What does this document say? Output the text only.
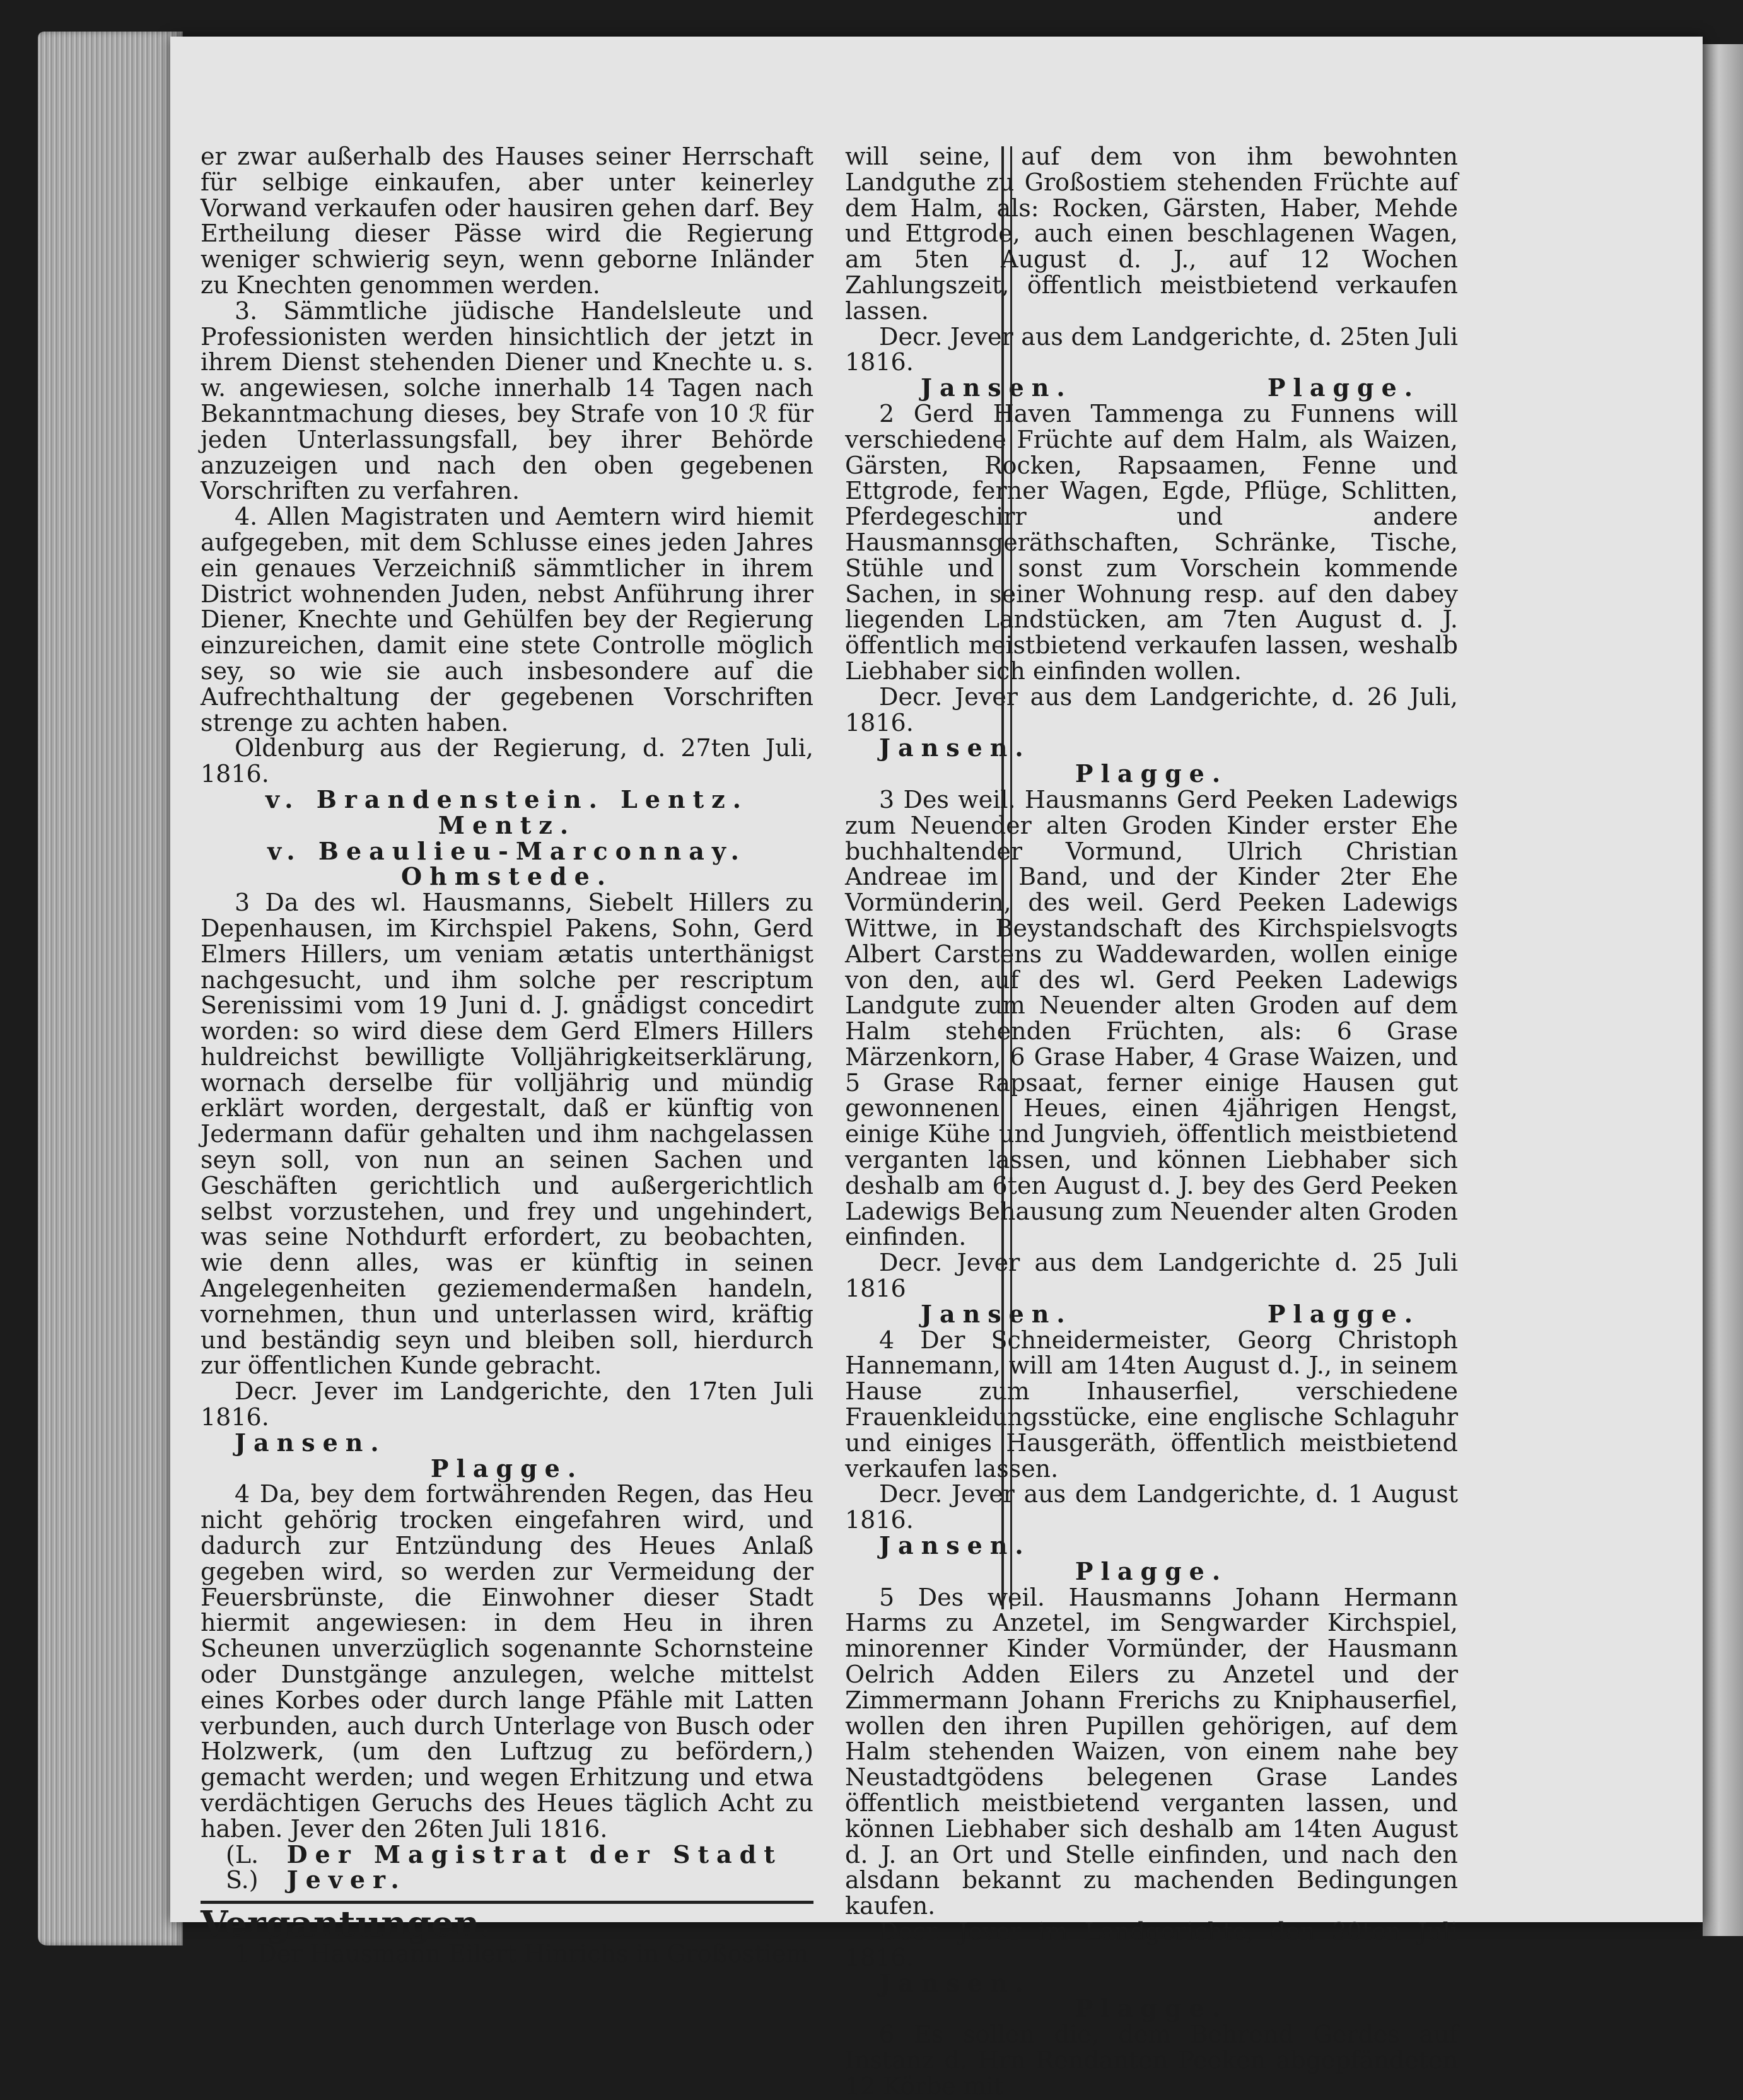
er zwar außerhalb des Hauses seiner Herrschaft für selbige einkaufen, aber unter keinerley Vorwand verkaufen oder hausiren gehen darf. Bey Ertheilung dieser Pässe wird die Regierung weniger schwierig seyn, wenn geborne Inländer zu Knechten genommen werden.

3. Sämmtliche jüdische Handelsleute und Professionisten werden hinsichtlich der jetzt in ihrem Dienst stehenden Diener und Knechte u. s. w. angewiesen, solche innerhalb 14 Tagen nach Bekanntmachung dieses, bey Strafe von 10 ℛ für jeden Unterlassungsfall, bey ihrer Behörde anzuzeigen und nach den oben gegebenen Vorschriften zu verfahren.

4. Allen Magistraten und Aemtern wird hiemit aufgegeben, mit dem Schlusse eines jeden Jahres ein genaues Verzeichniß sämmtlicher in ihrem District wohnenden Juden, nebst Anführung ihrer Diener, Knechte und Gehülfen bey der Regierung einzureichen, damit eine stete Controlle möglich sey, so wie sie auch insbesondere auf die Aufrechthaltung der gegebenen Vorschriften strenge zu achten haben.

Oldenburg aus der Regierung, d. 27ten Juli, 1816.

v. Brandenstein. Lentz. Mentz.

v. Beaulieu-Marconnay.

Ohmstede.

3 Da des wl. Hausmanns, Siebelt Hillers zu Depenhausen, im Kirchspiel Pakens, Sohn, Gerd Elmers Hillers, um veniam ætatis unterthänigst nachgesucht, und ihm solche per rescriptum Serenissimi vom 19 Juni d. J. gnädigst concedirt worden: so wird diese dem Gerd Elmers Hillers huldreichst bewilligte Volljährigkeitserklärung, wornach derselbe für volljährig und mündig erklärt worden, dergestalt, daß er künftig von Jedermann dafür gehalten und ihm nachgelassen seyn soll, von nun an seinen Sachen und Geschäften gerichtlich und außergerichtlich selbst vorzustehen, und frey und ungehindert, was seine Nothdurft erfordert, zu beobachten, wie denn alles, was er künftig in seinen Angelegenheiten geziemendermaßen handeln, vornehmen, thun und unterlassen wird, kräftig und beständig seyn und bleiben soll, hierdurch zur öffentlichen Kunde gebracht.

Decr. Jever im Landgerichte, den 17ten Juli 1816.

Jansen.

Plagge.

4 Da, bey dem fortwährenden Regen, das Heu nicht gehörig trocken eingefahren wird, und dadurch zur Entzündung des Heues Anlaß gegeben wird, so werden zur Vermeidung der Feuersbrünste, die Einwohner dieser Stadt hiermit angewiesen: in dem Heu in ihren Scheunen unverzüglich sogenannte Schornsteine oder Dunstgänge anzulegen, welche mittelst eines Korbes oder durch lange Pfähle mit Latten verbunden, auch durch Unterlage von Busch oder Holzwerk, (um den Luftzug zu befördern,) gemacht werden; und wegen Erhitzung und etwa verdächtigen Geruchs des Heues täglich Acht zu haben. Jever den 26ten Juli 1816.

(L. S.)
Der Magistrat der Stadt Jever.

Vergantungen.

1 Der Hausmann Eilert Hinrichs in Großostiem

will seine, auf dem von ihm bewohnten Landguthe zu Großostiem stehenden Früchte auf dem Halm, als: Rocken, Gärsten, Haber, Mehde und Ettgrode, auch einen beschlagenen Wagen, am 5ten August d. J., auf 12 Wochen Zahlungszeit, öffentlich meistbietend verkaufen lassen.

Decr. Jever aus dem Landgerichte, d. 25ten Juli 1816.

Jansen.	Plagge.

2 Gerd Haven Tammenga zu Funnens will verschiedene Früchte auf dem Halm, als Waizen, Gärsten, Rocken, Rapsaamen, Fenne und Ettgrode, ferner Wagen, Egde, Pflüge, Schlitten, Pferdegeschirr und andere Hausmannsgeräthschaften, Schränke, Tische, Stühle und sonst zum Vorschein kommende Sachen, in seiner Wohnung resp. auf den dabey liegenden Landstücken, am 7ten August d. J. öffentlich meistbietend verkaufen lassen, weshalb Liebhaber sich einfinden wollen.

Decr. Jever aus dem Landgerichte, d. 26 Juli, 1816.

Jansen.

Plagge.

3 Des weil. Hausmanns Gerd Peeken Ladewigs zum Neuender alten Groden Kinder erster Ehe buchhaltender Vormund, Ulrich Christian Andreae im Band, und der Kinder 2ter Ehe Vormünderin, des weil. Gerd Peeken Ladewigs Wittwe, in Beystandschaft des Kirchspielsvogts Albert Carstens zu Waddewarden, wollen einige von den, auf des wl. Gerd Peeken Ladewigs Landgute zum Neuender alten Groden auf dem Halm stehenden Früchten, als: 6 Grase Märzenkorn, 6 Grase Haber, 4 Grase Waizen, und 5 Grase Rapsaat, ferner einige Hausen gut gewonnenen Heues, einen 4jährigen Hengst, einige Kühe und Jungvieh, öffentlich meistbietend verganten lassen, und können Liebhaber sich deshalb am 6ten August d. J. bey des Gerd Peeken Ladewigs Behausung zum Neuender alten Groden einfinden.

Decr. Jever aus dem Landgerichte d. 25 Juli 1816

Jansen.	Plagge.

4 Der Schneidermeister, Georg Christoph Hannemann, will am 14ten August d. J., in seinem Hause zum Inhauserfiel, verschiedene Frauenkleidungsstücke, eine englische Schlaguhr und einiges Hausgeräth, öffentlich meistbietend verkaufen lassen.

Decr. Jever aus dem Landgerichte, d. 1 August 1816.

Jansen.

Plagge.

5 Des weil. Hausmanns Johann Hermann Harms zu Anzetel, im Sengwarder Kirchspiel, minorenner Kinder Vormünder, der Hausmann Oelrich Adden Eilers zu Anzetel und der Zimmermann Johann Frerichs zu Kniphauserfiel, wollen den ihren Pupillen gehörigen, auf dem Halm stehenden Waizen, von einem nahe bey Neustadtgödens belegenen Grase Landes öffentlich meistbietend verganten lassen, und können Liebhaber sich deshalb am 14ten August d. J. an Ort und Stelle einfinden, und nach den alsdann bekannt zu machenden Bedingungen kaufen.

Decr. Jever im Landgerichte, den 30ten Juli 1816.

Jansen.

Plagge.

6 Es sollen die, dem Behrend Gerdes auf Instanz d. Hrn Rendanten Peeken abgepfändeten 12 Körbe mit
